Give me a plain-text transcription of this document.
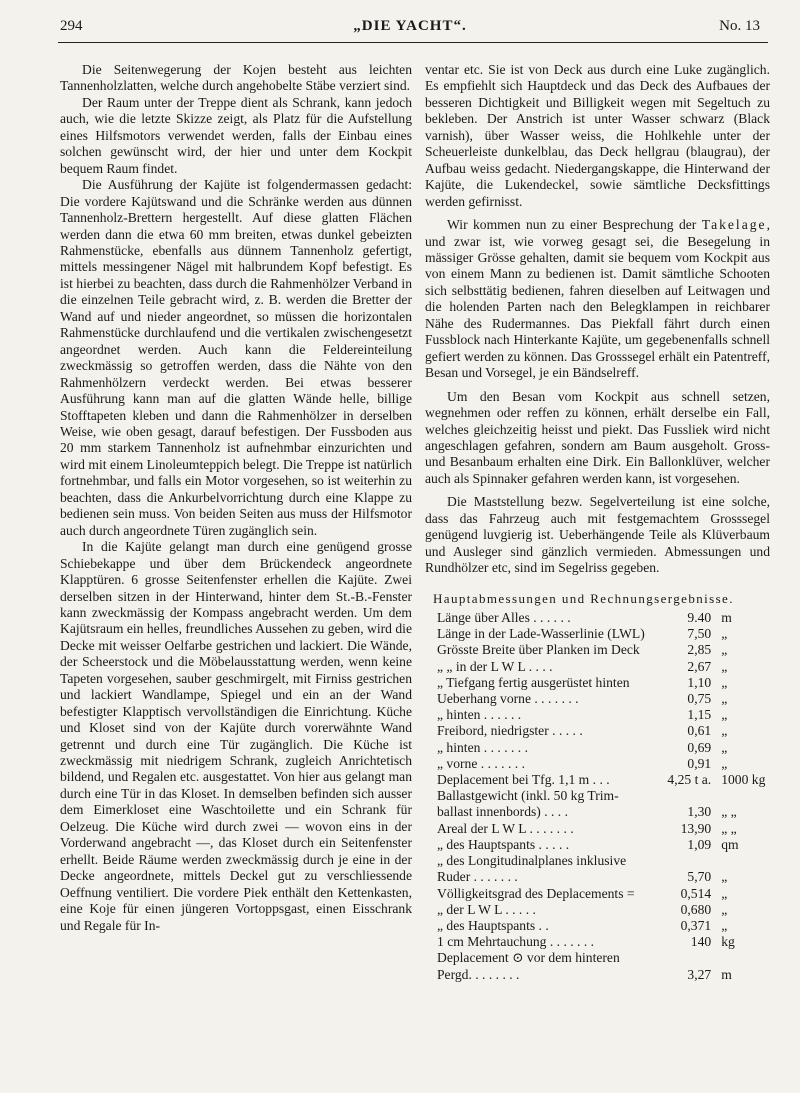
294	„DIE YACHT“.	No. 13

Die Seitenwegerung der Kojen besteht aus leichten Tannenholzlatten, welche durch angehobelte Stäbe verziert sind.

Der Raum unter der Treppe dient als Schrank, kann jedoch auch, wie die letzte Skizze zeigt, als Platz für die Aufstellung eines Hilfsmotors verwendet werden, falls der Einbau eines solchen gewünscht wird, der hier und unter dem Kockpit bequem Raum findet.

Die Ausführung der Kajüte ist folgendermassen gedacht: Die vordere Kajütswand und die Schränke werden aus dünnen Tannenholz-Brettern hergestellt. Auf diese glatten Flächen werden dann die etwa 60 mm breiten, etwas dunkel gebeizten Rahmenstücke, ebenfalls aus dünnem Tannenholz gefertigt, mittels messingener Nägel mit halbrundem Kopf befestigt. Es ist hierbei zu beachten, dass durch die Rahmenhölzer Verband in die einzelnen Teile gebracht wird, z. B. werden die Bretter der Wand auf und nieder angeordnet, so müssen die horizontalen Rahmenstücke durchlaufend und die vertikalen zwischengesetzt angeordnet werden. Auch kann die Feldereinteilung zweckmässig so getroffen werden, dass die Nähte von den Rahmenhölzern verdeckt werden. Bei etwas besserer Ausführung kann man auf die glatten Wände helle, billige Stofftapeten kleben und dann die Rahmenhölzer in derselben Weise, wie oben gesagt, darauf befestigen. Der Fussboden aus 20 mm starkem Tannenholz ist aufnehmbar einzurichten und wird mit einem Linoleumteppich belegt. Die Treppe ist natürlich fortnehmbar, und falls ein Motor vorgesehen, so ist weiterhin zu beachten, dass die Ankurbelvorrichtung durch eine Klappe zu bedienen sein muss. Von beiden Seiten aus muss der Hilfsmotor auch durch angeordnete Türen zugänglich sein.

In die Kajüte gelangt man durch eine genügend grosse Schiebekappe und über dem Brückendeck angeordnete Klapptüren. 6 grosse Seitenfenster erhellen die Kajüte. Zwei derselben sitzen in der Hinterwand, hinter dem St.-B.-Fenster kann zweckmässig der Kompass angebracht werden. Um dem Kajütsraum ein helles, freundliches Aussehen zu geben, wird die Decke mit weisser Oelfarbe gestrichen und lackiert. Die Wände, der Scheerstock und die Möbelausstattung werden, wenn keine Tapeten vorgesehen, sauber geschmirgelt, mit Firniss gestrichen und lackiert Wandlampe, Spiegel und ein an der Wand befestigter Klapptisch vervollständigen die Einrichtung. Küche und Kloset sind von der Kajüte durch vorerwähnte Wand getrennt und durch eine Tür zugänglich. Die Küche ist zweckmässig mit niedrigem Schrank, zugleich Anrichtetisch bildend, und Regalen etc. ausgestattet. Von hier aus gelangt man durch eine Tür in das Kloset. In demselben befinden sich ausser dem Eimerkloset eine Waschtoilette und ein Schrank für Oelzeug. Die Küche wird durch zwei — wovon eins in der Vorderwand angebracht —, das Kloset durch ein Seitenfenster erhellt. Beide Räume werden zweckmässig durch je eine in der Decke angeordnete, mittels Deckel gut zu verschliessende Oeffnung ventiliert. Die vordere Piek enthält den Kettenkasten, eine Koje für einen jüngeren Vortoppsgast, einen Eisschrank und Regale für In-

ventar etc. Sie ist von Deck aus durch eine Luke zugänglich. Es empfiehlt sich Hauptdeck und das Deck des Aufbaues der besseren Dichtigkeit und Billigkeit wegen mit Segeltuch zu bekleben. Der Anstrich ist unter Wasser schwarz (Black varnish), über Wasser weiss, die Hohlkehle unter der Scheuerleiste dunkelblau, das Deck hellgrau (blaugrau), der Aufbau weiss gedacht. Niedergangskappe, die Hinterwand der Kajüte, die Lukendeckel, sowie sämtliche Decksfittings werden gefirnisst.

Wir kommen nun zu einer Besprechung der Takelage, und zwar ist, wie vorweg gesagt sei, die Besegelung in mässiger Grösse gehalten, damit sie bequem vom Kockpit aus von einem Mann zu bedienen ist. Damit sämtliche Schooten sich selbsttätig bedienen, fahren dieselben auf Leitwagen und die holenden Parten nach den Belegklampen in reichbarer Nähe des Rudermannes. Das Piekfall fährt durch einen Fussblock nach Hinterkante Kajüte, um gegebenenfalls schnell gefiert werden zu können. Das Grosssegel erhält ein Patentreff, Besan und Vorsegel, je ein Bändselreff.

Um den Besan vom Kockpit aus schnell setzen, wegnehmen oder reffen zu können, erhält derselbe ein Fall, welches gleichzeitig heisst und piekt. Das Fussliek wird nicht angeschlagen gefahren, sondern am Baum ausgeholt. Gross- und Besanbaum erhalten eine Dirk. Ein Ballonklüver, welcher auch als Spinnaker gefahren werden kann, ist vorgesehen.

Die Maststellung bezw. Segelverteilung ist eine solche, dass das Fahrzeug auch mit festgemachtem Grosssegel genügend luvgierig ist. Ueberhängende Teile als Klüverbaum und Ausleger sind gänzlich vermieden. Abmessungen und Rundhölzer etc, sind im Segelriss gegeben.

Hauptabmessungen und Rechnungsergebnisse.
Länge über Alles . . . . . .	9.40	m
Länge in der Lade-Wasserlinie (LWL)	7,50	„
Grösste Breite über Planken im Deck	2,85	„
„ „ in der L W L . . . .	2,67	„
„ Tiefgang fertig ausgerüstet hinten	1,10	„
Ueberhang vorne . . . . . . .	0,75	„
„ hinten . . . . . .	1,15	„
Freibord, niedrigster . . . . .	0,61	„
„ hinten . . . . . . .	0,69	„
„ vorne . . . . . . .	0,91	„
Deplacement bei Tfg. 1,1 m . . .	4,25 t a.	1000 kg
Ballastgewicht (inkl. 50 kg Trim-		
ballast innenbords) . . . .	1,30	„ „
Areal der L W L . . . . . . .	13,90	„ „
„ des Hauptspants . . . . .	1,09	qm
„ des Longitudinalplanes inklusive		
Ruder . . . . . . .	5,70	„
Völligkeitsgrad des Deplacements =	0,514	„
„ der L W L . . . . .	0,680	„
„ des Hauptspants . .	0,371	„
1 cm Mehrtauchung . . . . . . .	140	kg
Deplacement ⊙ vor dem hinteren		
Pergd. . . . . . . .	3,27	m
